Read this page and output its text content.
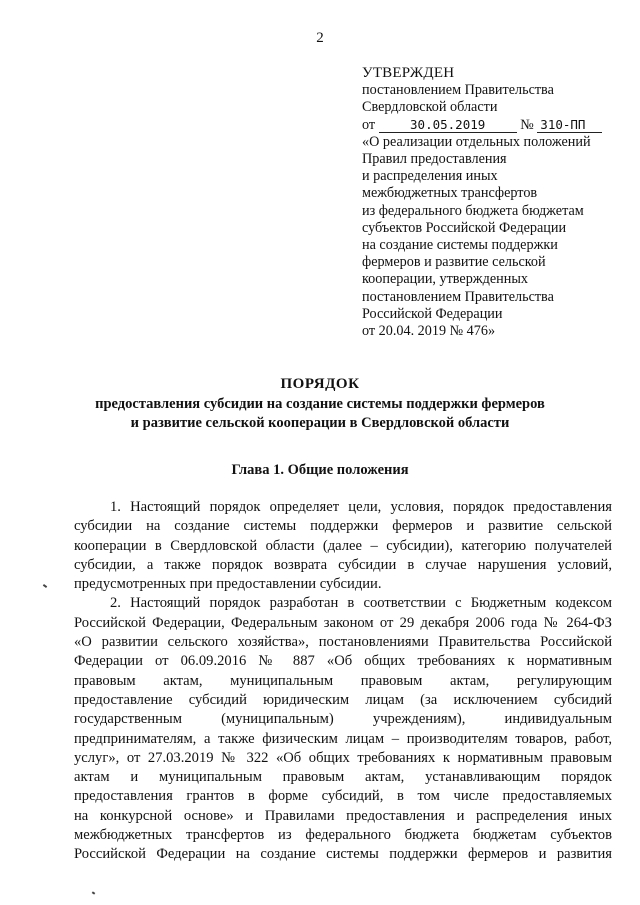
2
УТВЕРЖДЕН
постановлением Правительства
Свердловской области
от	30.05.2019 № 310-ПП
«О реализации отдельных положений
Правил предоставления
и распределения иных
межбюджетных трансфертов
из федерального бюджета бюджетам
субъектов Российской Федерации
на создание системы поддержки
фермеров и развитие сельской
кооперации, утвержденных
постановлением Правительства
Российской Федерации
от 20.04. 2019 № 476»
ПОРЯДОК
предоставления субсидии на создание системы поддержки фермеров
и развитие сельской кооперации в Свердловской области
Глава 1. Общие положения
1. Настоящий порядок определяет цели, условия, порядок предоставления
субсидии на создание системы поддержки фермеров и развитие сельской
кооперации в Свердловской области (далее – субсидии), категорию получателей
субсидии, а также порядок возврата субсидии в случае нарушения условий,
предусмотренных при предоставлении субсидии.
2. Настоящий порядок разработан в соответствии с Бюджетным кодексом
Российской Федерации, Федеральным законом от 29 декабря 2006 года № 264-ФЗ
«О развитии сельского хозяйства», постановлениями Правительства Российской
Федерации от 06.09.2016 № 887 «Об общих требованиях к нормативным
правовым актам, муниципальным правовым актам, регулирующим
предоставление субсидий юридическим лицам (за исключением субсидий
государственным (муниципальным) учреждениям), индивидуальным
предпринимателям, а также физическим лицам – производителям товаров, работ,
услуг», от 27.03.2019 № 322 «Об общих требованиях к нормативным правовым
актам и муниципальным правовым актам, устанавливающим порядок
предоставления грантов в форме субсидий, в том числе предоставляемых
на конкурсной основе» и Правилами предоставления и распределения иных
межбюджетных трансфертов из федерального бюджета бюджетам субъектов
Российской Федерации на создание системы поддержки фермеров и развития
